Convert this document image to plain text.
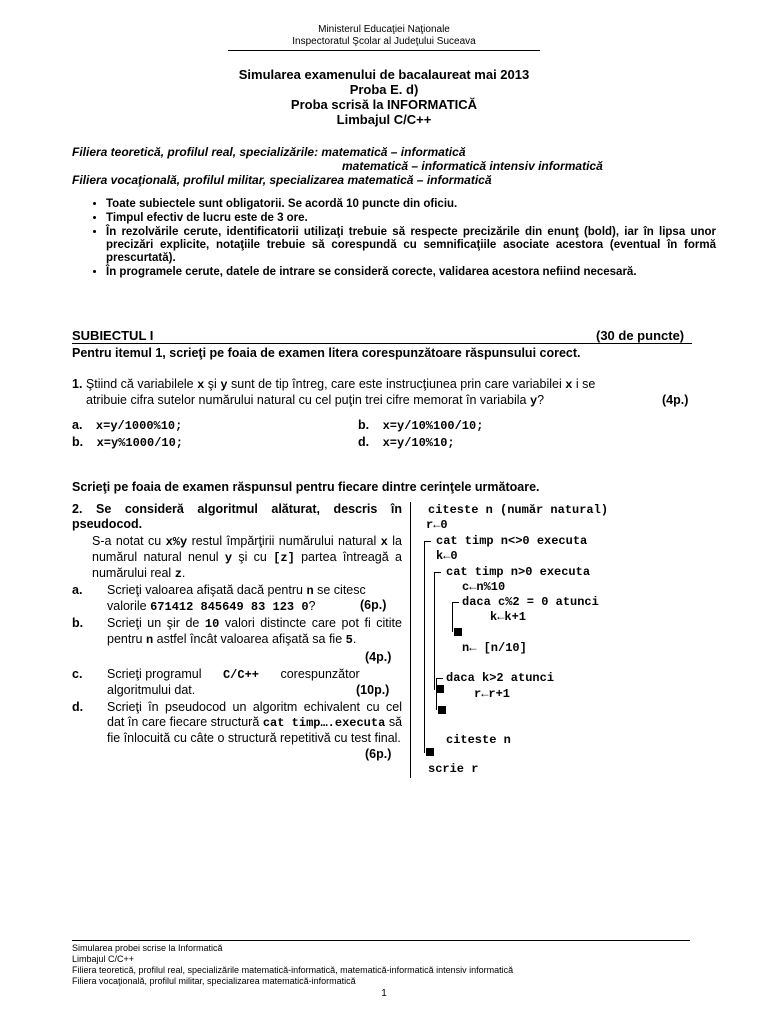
Ministerul Educaţiei Naţionale
Inspectoratul Şcolar al Judeţului Suceava
Simularea examenului de bacalaureat mai 2013
Proba E. d)
Proba scrisă la INFORMATICĂ
Limbajul C/C++
Filiera teoretică, profilul real, specializările: matematică – informatică
matematică – informatică intensiv informatică
Filiera vocaţională, profilul militar, specializarea matematică – informatică
• Toate subiectele sunt obligatorii. Se acordă 10 puncte din oficiu.
• Timpul efectiv de lucru este de 3 ore.
• În rezolvările cerute, identificatorii utilizaţi trebuie să respecte precizările din enunţ (bold), iar în lipsa unor precizări explicite, notaţiile trebuie să corespundă cu semnificaţiile asociate acestora (eventual în formă prescurtată).
• În programele cerute, datele de intrare se consideră corecte, validarea acestora nefiind necesară.
SUBIECTUL I	(30 de puncte)
Pentru itemul 1, scrieţi pe foaia de examen litera corespunzătoare răspunsului corect.
1. Ştiind că variabilele x şi y sunt de tip întreg, care este instrucţiunea prin care variabilei x i se
atribuie cifra sutelor numărului natural cu cel puţin trei cifre memorat în variabila y?	(4p.)
a. x=y/1000%10;	b. x=y/10%100/10;
b. x=y%1000/10;	d. x=y/10%10;
Scrieţi pe foaia de examen răspunsul pentru fiecare dintre cerinţele următoare.
2. Se consideră algoritmul alăturat, descris în pseudocod.
S-a notat cu x%y restul împărţirii numărului natural x la numărul natural nenul y şi cu [z] partea întreagă a numărului real z.
a. Scrieţi valoarea afişată dacă pentru n se citesc valorile 671412 845649 83 123 0?	(6p.)
b. Scrieţi un şir de 10 valori distincte care pot fi citite pentru n astfel încât valoarea afişată sa fie 5.
(4p.)
c. Scrieţi programul C/C++ corespunzător algoritmului dat.	(10p.)
d. Scrieţi în pseudocod un algoritm echivalent cu cel dat în care fiecare structură cat timp….executa să fie înlocuită cu câte o structură repetitivă cu test final.
(6p.)
citeste n (număr natural)
r←0
cat timp n<>0 executa
k←0
cat timp n>0 executa
c←n%10
daca c%2 = 0 atunci
k←k+1
n← [n/10]
daca k>2 atunci
r←r+1
citeste n
scrie r
Simularea probei scrise la Informatică
Limbajul C/C++
Filiera teoretică, profilul real, specializările matematică-informatică, matematică-informatică intensiv informatică
Filiera vocaţională, profilul militar, specializarea matematică-informatică
1
